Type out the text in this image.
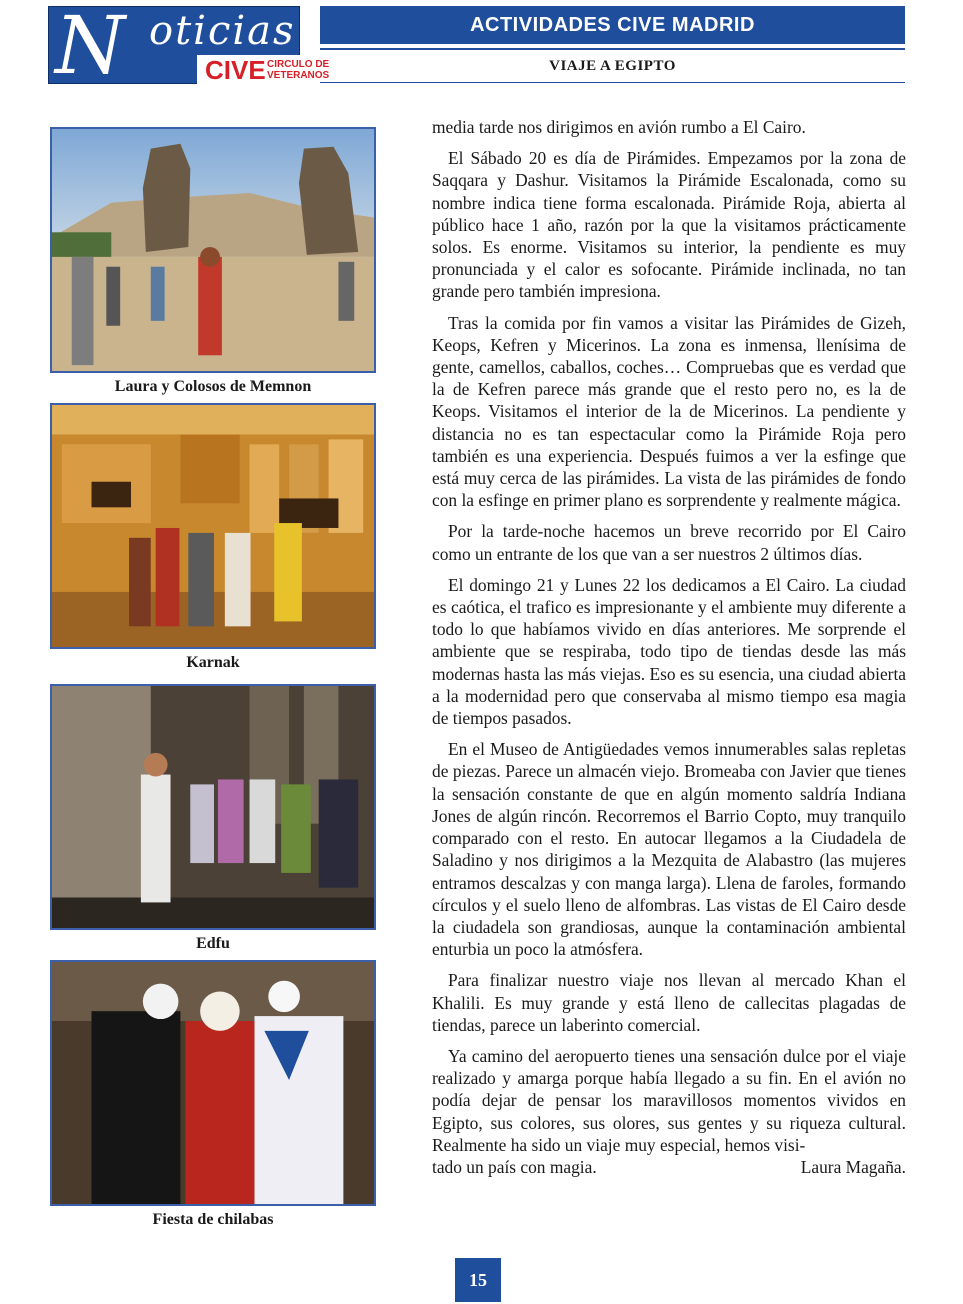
N oticias
CIVE CIRCULO DE VETERANOS
ACTIVIDADES CIVE MADRID
VIAJE A EGIPTO
Laura y Colosos de Memnon
Karnak
Edfu
Fiesta de chilabas

media tarde nos dirigimos en avión rumbo a El Cairo.

El Sábado 20 es día de Pirámides. Empezamos por la zona de Saqqara y Dashur. Visitamos la Pirámide Escalonada, como su nombre indica tiene forma escalonada. Pirámide Roja, abierta al público hace 1 año, razón por la que la visitamos prácticamente solos. Es enorme. Visitamos su interior, la pendiente es muy pronunciada y el calor es sofocante. Pirámide inclinada, no tan grande pero también impresiona.

Tras la comida por fin vamos a visitar las Pirámides de Gizeh, Keops, Kefren y Micerinos. La zona es inmensa, llenísima de gente, camellos, caballos, coches… Compruebas que es verdad que la de Kefren parece más grande que el resto pero no, es la de Keops. Visitamos el interior de la de Micerinos. La pendiente y distancia no es tan espectacular como la Pirámide Roja pero también es una experiencia. Después fuimos a ver la esfinge que está muy cerca de las pirámides. La vista de las pirámides de fondo con la esfinge en primer plano es sorprendente y realmente mágica.

Por la tarde-noche hacemos un breve recorrido por El Cairo como un entrante de los que van a ser nuestros 2 últimos días.

El domingo 21 y Lunes 22 los dedicamos a El Cairo. La ciudad es caótica, el trafico es impresionante y el ambiente muy diferente a todo lo que habíamos vivido en días anteriores. Me sorprende el ambiente que se respiraba, todo tipo de tiendas desde las más modernas hasta las más viejas. Eso es su esencia, una ciudad abierta a la modernidad pero que conservaba al mismo tiempo esa magia de tiempos pasados.

En el Museo de Antigüedades vemos innumerables salas repletas de piezas. Parece un almacén viejo. Bromeaba con Javier que tienes la sensación constante de que en algún momento saldría Indiana Jones de algún rincón. Recorremos el Barrio Copto, muy tranquilo comparado con el resto. En autocar llegamos a la Ciudadela de Saladino y nos dirigimos a la Mezquita de Alabastro (las mujeres entramos descalzas y con manga larga). Llena de faroles, formando círculos y el suelo lleno de alfombras. Las vistas de El Cairo desde la ciudadela son grandiosas, aunque la contaminación ambiental enturbia un poco la atmósfera.

Para finalizar nuestro viaje nos llevan al mercado Khan el Khalili. Es muy grande y está lleno de callecitas plagadas de tiendas, parece un laberinto comercial.

Ya camino del aeropuerto tienes una sensación dulce por el viaje realizado y amarga porque había llegado a su fin. En el avión no podía dejar de pensar los maravillosos momentos vividos en Egipto, sus colores, sus olores, sus gentes y su riqueza cultural. Realmente ha sido un viaje muy especial, hemos visi-

tado un país con magia.	Laura Magaña.
15
